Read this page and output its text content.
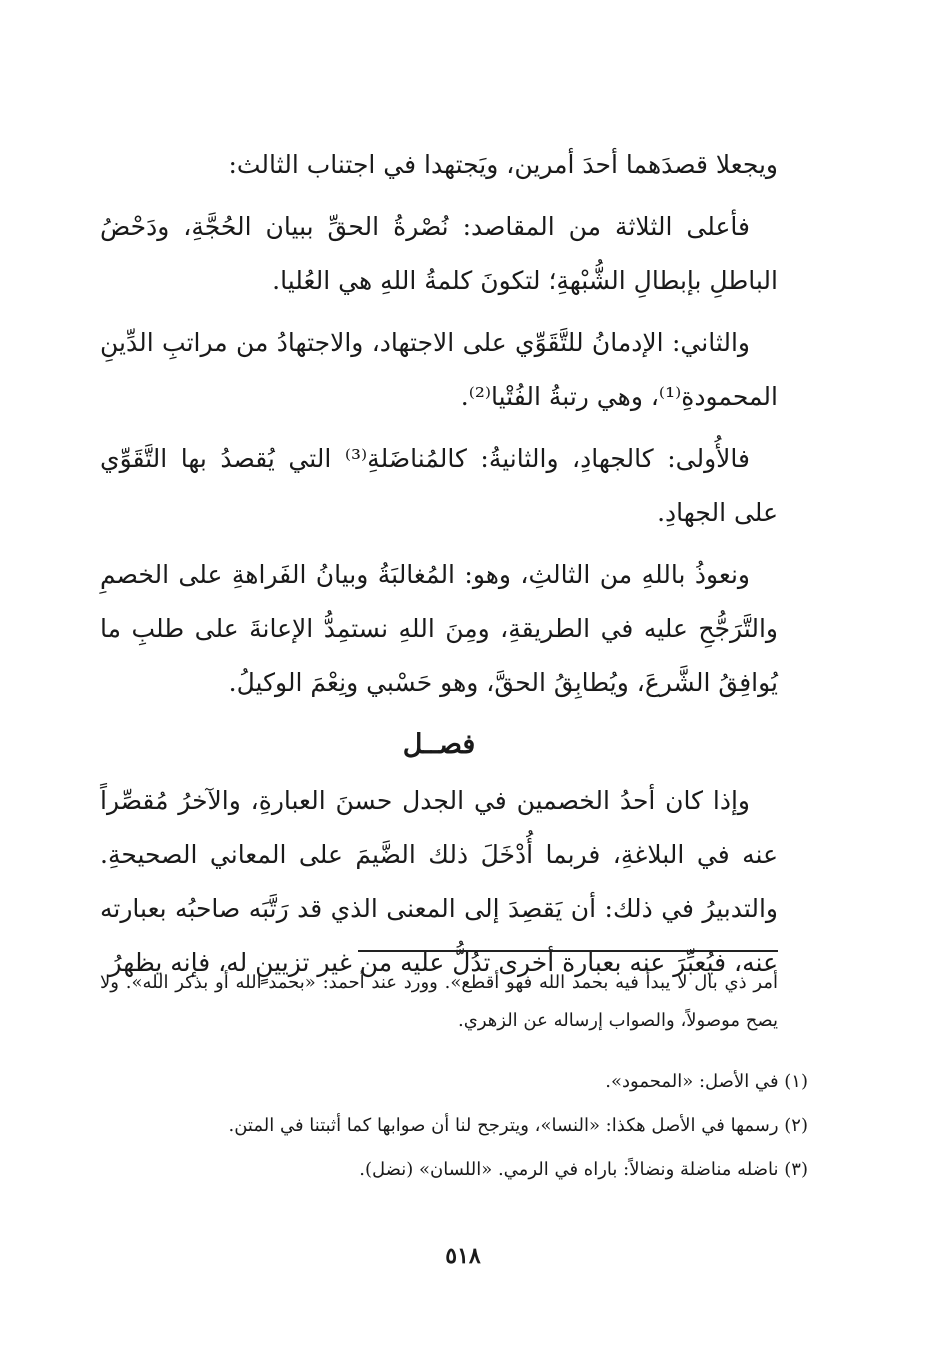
ويجعلا قصدَهما أحدَ أمرين، ويَجتهدا في اجتناب الثالث:

فأعلى الثلاثة من المقاصد: نُصْرةُ الحقِّ ببيان الحُجَّةِ، ودَحْضُ الباطلِ بإبطالِ الشُّبْهةِ؛ لتكونَ كلمةُ اللهِ هي العُليا.

والثاني: الإدمانُ للتَّقَوِّي على الاجتهاد، والاجتهادُ من مراتبِ الدِّينِ المحمودةِ⁽¹⁾، وهي رتبةُ الفُتْيا⁽²⁾.

فالأُولى: كالجهادِ، والثانيةُ: كالمُناضَلةِ⁽³⁾ التي يُقصدُ بها التَّقَوِّي على الجهادِ.

ونعوذُ باللهِ من الثالثِ، وهو: المُغالبَةُ وبيانُ الفَراهةِ على الخصمِ والتَّرَجُّحِ عليه في الطريقةِ، ومِنَ اللهِ نستمِدُّ الإعانةَ على طلبِ ما يُوافِقُ الشَّرعَ، ويُطابِقُ الحقَّ، وهو حَسْبي ونِعْمَ الوكيلُ.

فصــل

وإذا كان أحدُ الخصمين في الجدل حسنَ العبارةِ، والآخرُ مُقصِّراً عنه في البلاغةِ، فربما أُدْخَلَ ذلك الضَّيمَ على المعاني الصحيحةِ. والتدبيرُ في ذلك: أن يَقصِدَ إلى المعنى الذي قد رَتَّبَه صاحبُه بعبارته عنه، فيُعبِّرَ عنه بعبارة أخرى تدُلُّ عليه من غير تزيينٍ له، فإنه يظهرُ

أمر ذي بال لا يبدأ فيه بحمد الله فهو أقطع». وورد عند أحمد: «بحمد الله أو بذكر الله». ولا يصح موصولاً، والصواب إرساله عن الزهري.

(١) في الأصل: «المحمود».

(٢) رسمها في الأصل هكذا: «النسا»، ويترجح لنا أن صوابها كما أثبتنا في المتن.

(٣) ناضله مناضلة ونضالاً: باراه في الرمي. «اللسان» (نضل).

٥١٨
